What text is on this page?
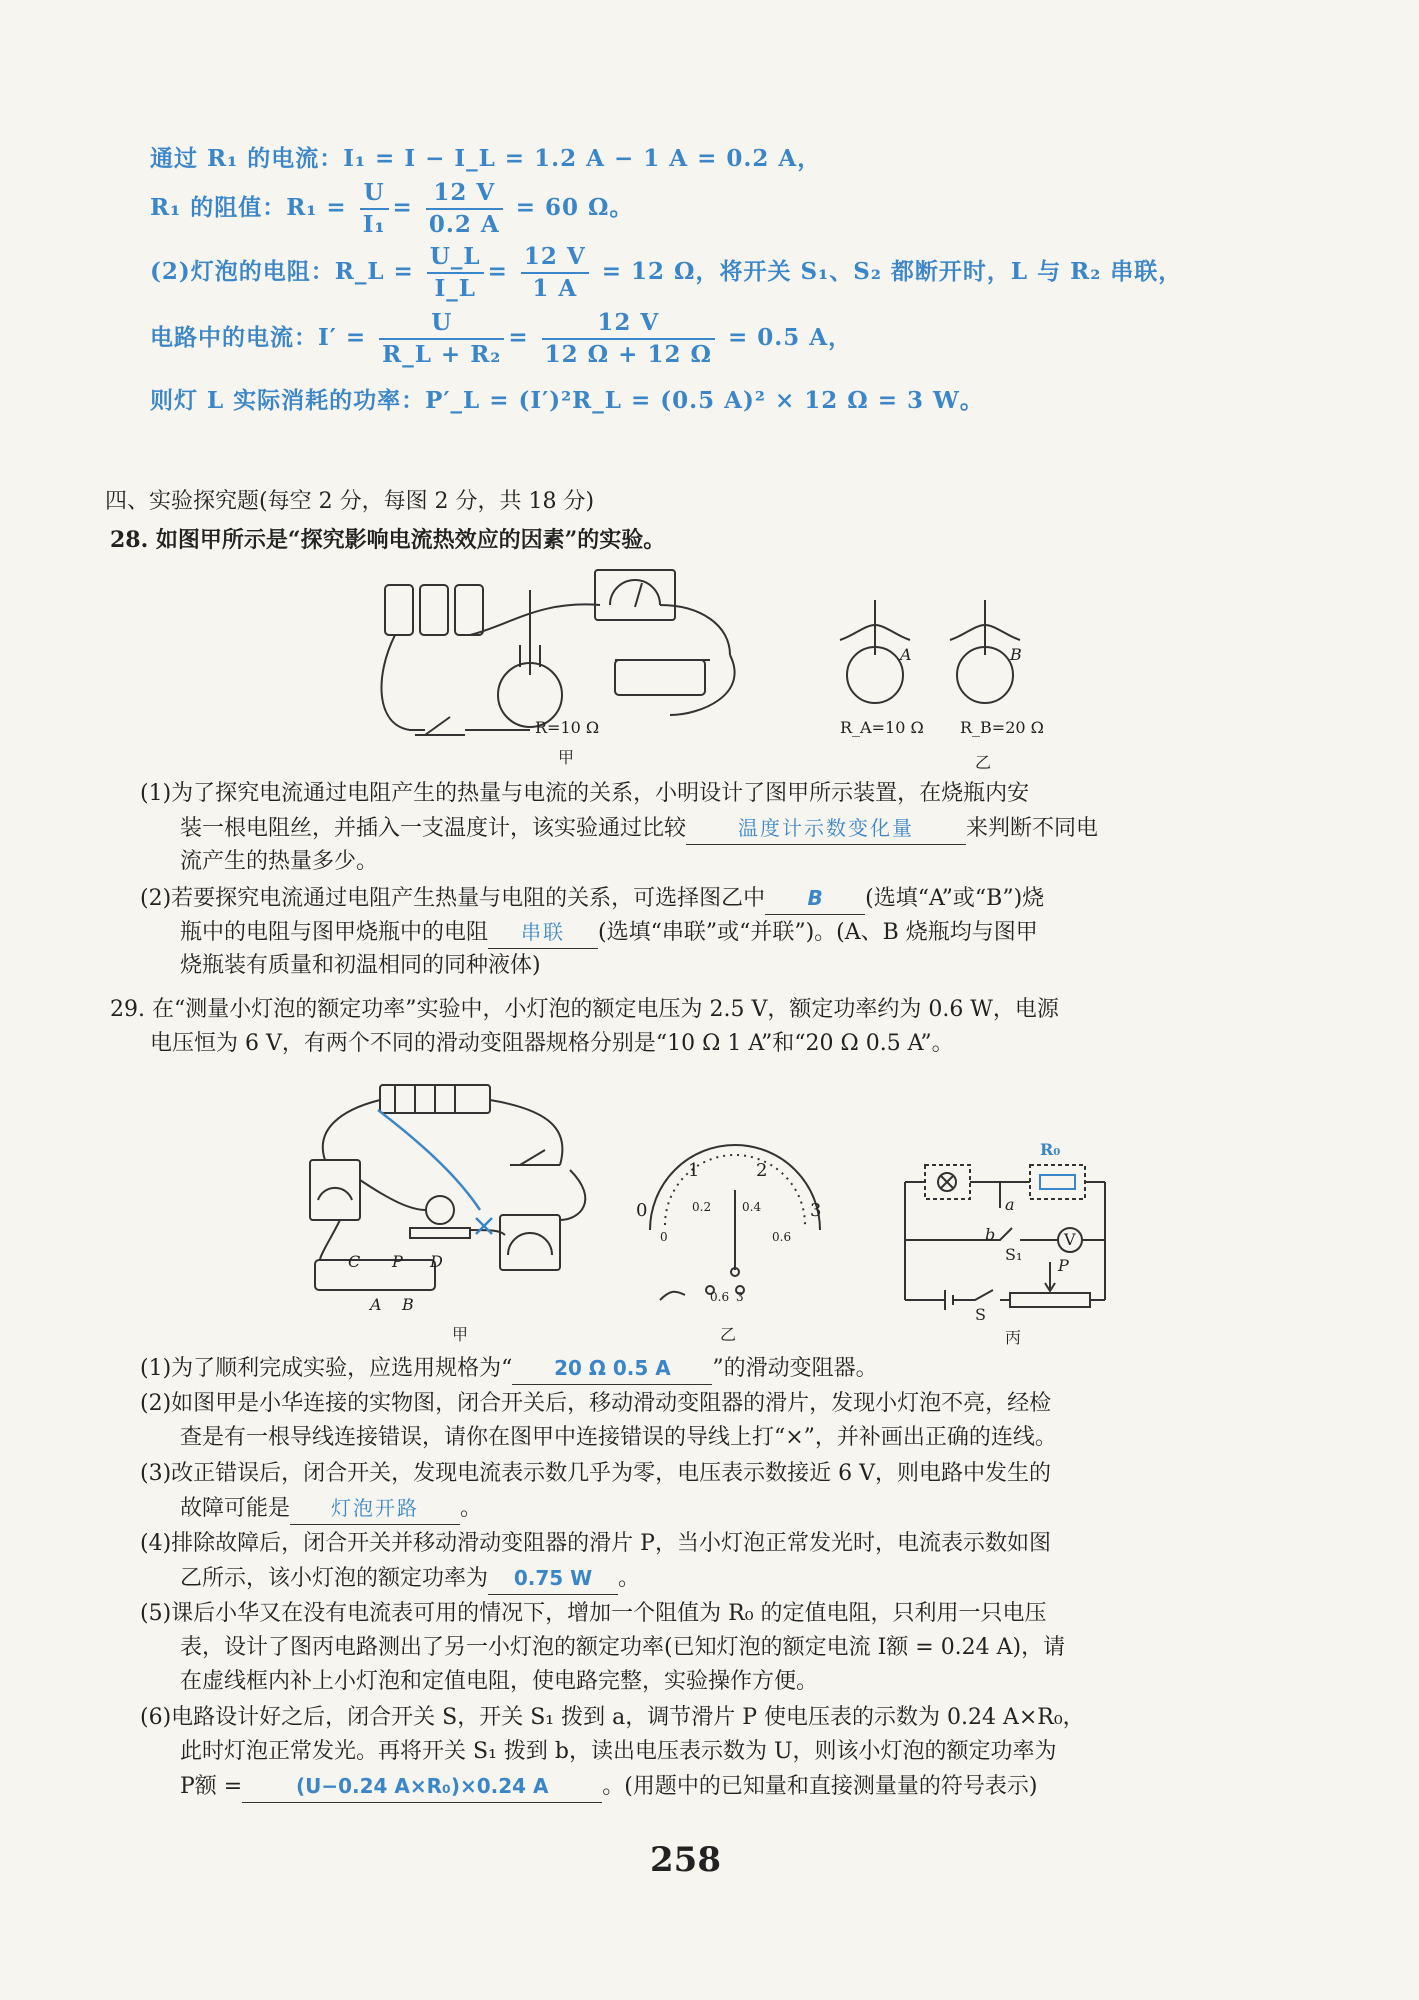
通过 R₁ 的电流：I₁ = I − I_L = 1.2 A − 1 A = 0.2 A，
R₁ 的阻值：$R_1 = \frac{U}{\text{I₁}} = \frac{12 V}{0.2 A} = 60$ Ω。
(2)灯泡的电阻：R_L = $\frac{U\_L}{I\_L} = \frac{12 V}{1 A} = 12$ Ω，将开关 S₁、S₂ 都断开时，L 与 R₂ 串联，
电路中的电流：$I' = \frac{U}{\text{R\_L + R₂}} = \frac{12 V}{12 \Omega + 12 \Omega} = 0.5$ A，
则灯 L 实际消耗的功率：P′_L = (I′)²R_L = (0.5 A)² × 12 Ω = 3 W。
四、实验探究题(每空 2 分，每图 2 分，共 18 分)
28. 如图甲所示是“探究影响电流热效应的因素”的实验。
R=10 Ω
甲
A	B
R_A=10 Ω R_B=20 Ω
乙
(1)为了探究电流通过电阻产生的热量与电流的关系，小明设计了图甲所示装置，在烧瓶内安
装一根电阻丝，并插入一支温度计，该实验通过比较	温度计示数变化量 来判断不同电
流产生的热量多少。
(2)若要探究电流通过电阻产生热量与电阻的关系，可选择图乙中 B (选填“A”或“B”)烧
瓶中的电阻与图甲烧瓶中的电阻 串联 (选填“串联”或“并联”)。(A、B 烧瓶均与图甲
烧瓶装有质量和初温相同的同种液体)
29. 在“测量小灯泡的额定功率”实验中，小灯泡的额定电压为 2.5 V，额定功率约为 0.6 W，电源
电压恒为 6 V，有两个不同的滑动变阻器规格分别是“10 Ω 1 A”和“20 Ω 0.5 A”。
C P D
A B
甲
1	2
0	3
0.2	0.4
0	0.6
0.6 3
乙
R₀
a
b
S₁
V
P
S
丙
(1)为了顺利完成实验，应选用规格为“ 20 Ω 0.5 A ”的滑动变阻器。
(2)如图甲是小华连接的实物图，闭合开关后，移动滑动变阻器的滑片，发现小灯泡不亮，经检
查是有一根导线连接错误，请你在图甲中连接错误的导线上打“×”，并补画出正确的连线。
(3)改正错误后，闭合开关，发现电流表示数几乎为零，电压表示数接近 6 V，则电路中发生的
故障可能是 灯泡开路 。
(4)排除故障后，闭合开关并移动滑动变阻器的滑片 P，当小灯泡正常发光时，电流表示数如图
乙所示，该小灯泡的额定功率为 0.75 W 。
(5)课后小华又在没有电流表可用的情况下，增加一个阻值为 R₀ 的定值电阻，只利用一只电压
表，设计了图丙电路测出了另一小灯泡的额定功率(已知灯泡的额定电流 I额 = 0.24 A)，请
在虚线框内补上小灯泡和定值电阻，使电路完整，实验操作方便。
(6)电路设计好之后，闭合开关 S，开关 S₁ 拨到 a，调节滑片 P 使电压表的示数为 0.24 A×R₀，
此时灯泡正常发光。再将开关 S₁ 拨到 b，读出电压表示数为 U，则该小灯泡的额定功率为
P额 =	(U−0.24 A×R₀)×0.24 A 。(用题中的已知量和直接测量量的符号表示)
258
